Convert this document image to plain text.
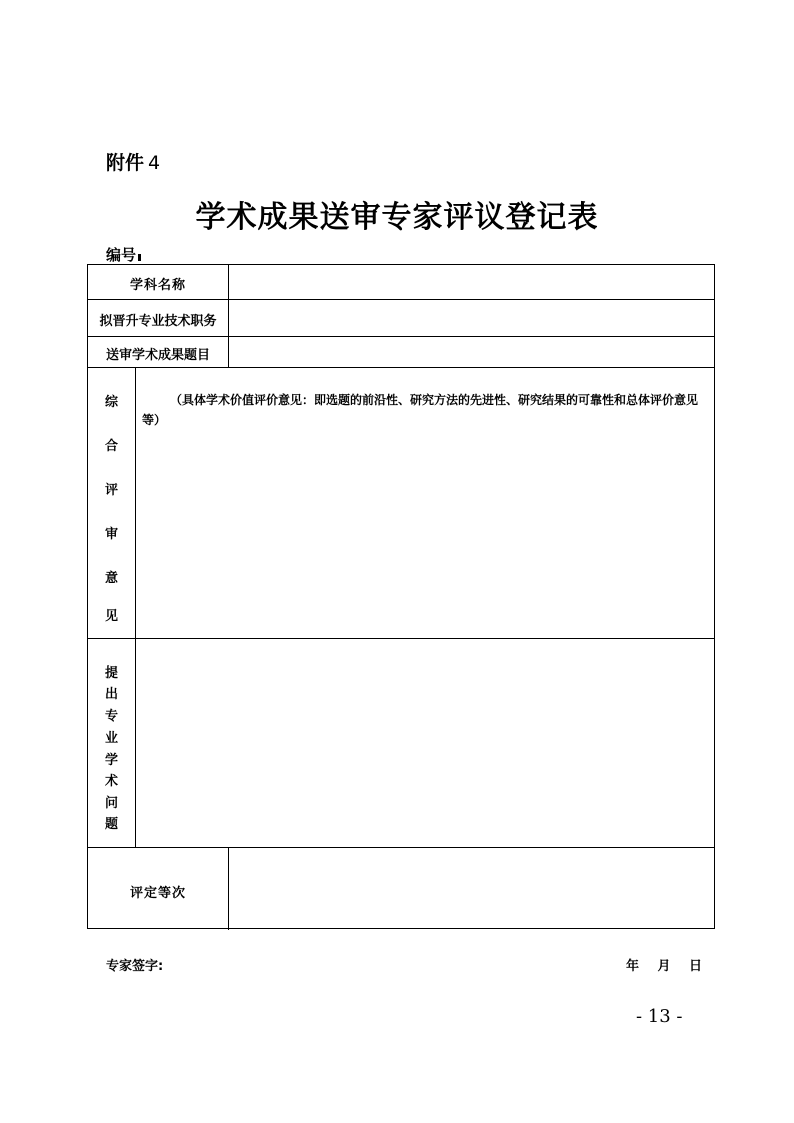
附件 4
学术成果送审专家评议登记表
编号
学科名称
拟晋升专业技术职务
送审学术成果题目
综
合
评
审
意
见
（具体学术价值评价意见：即选题的前沿性、研究方法的先进性、研究结果的可靠性和总体评价意见等）
提
出
专
业
学
术
问
题
评定等次
专家签字:	年 月 日
- 13 -
